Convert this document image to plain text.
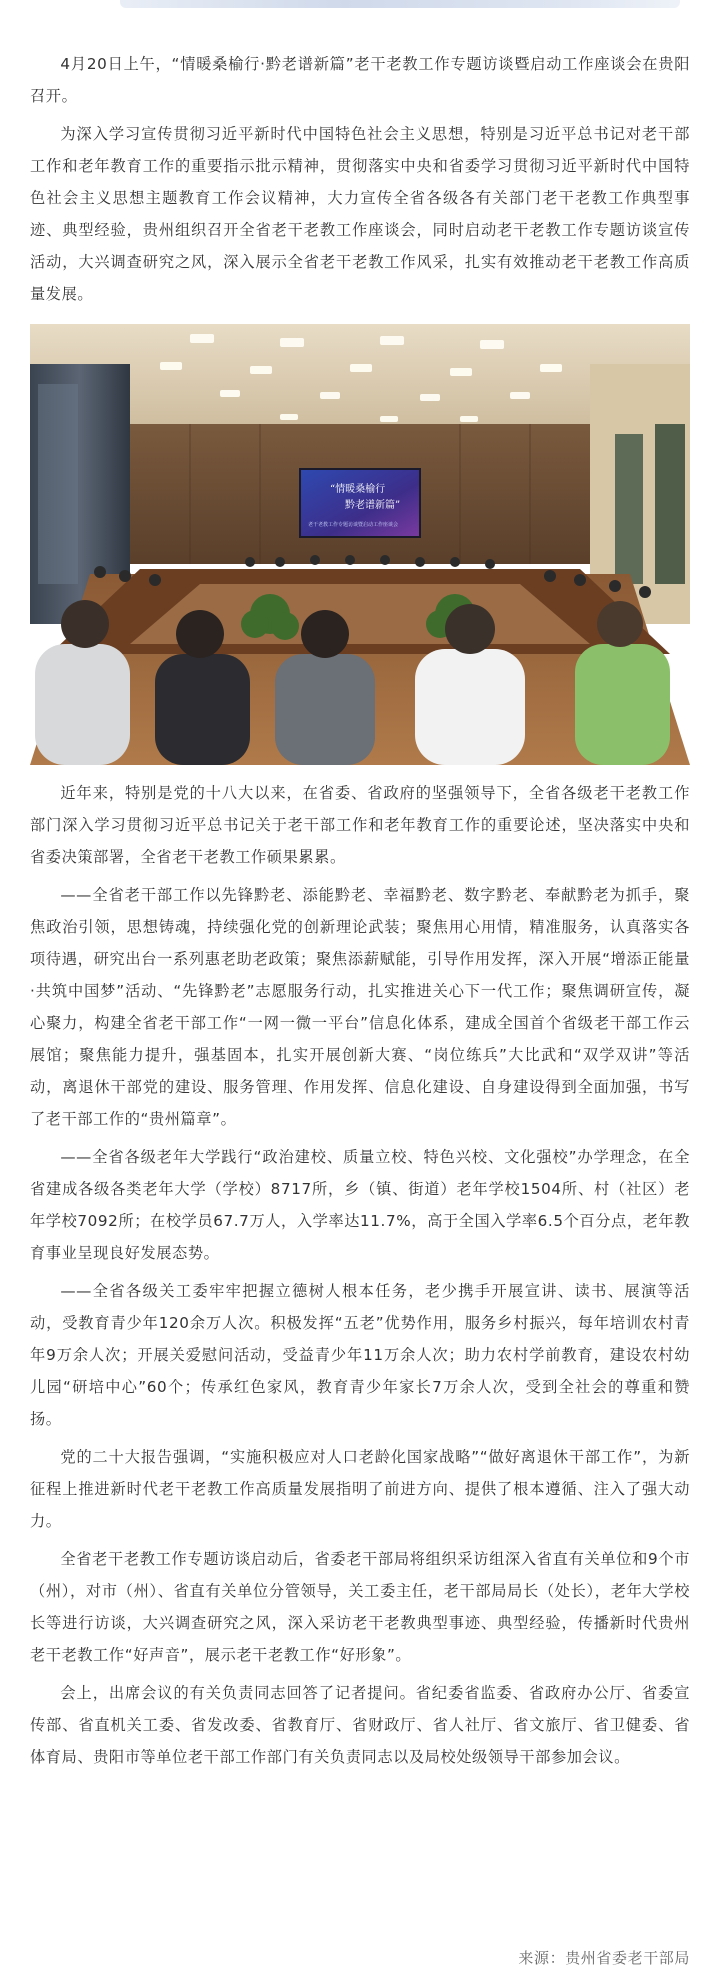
4月20日上午，“情暖桑榆行·黔老谱新篇”老干老教工作专题访谈暨启动工作座谈会在贵阳召开。

为深入学习宣传贯彻习近平新时代中国特色社会主义思想，特别是习近平总书记对老干部工作和老年教育工作的重要指示批示精神，贯彻落实中央和省委学习贯彻习近平新时代中国特色社会主义思想主题教育工作会议精神，大力宣传全省各级各有关部门老干老教工作典型事迹、典型经验，贵州组织召开全省老干老教工作座谈会，同时启动老干老教工作专题访谈宣传活动，大兴调查研究之风，深入展示全省老干老教工作风采，扎实有效推动老干老教工作高质量发展。

“情暖桑榆行
黔老谱新篇”
老干老教工作专题访谈暨启动工作座谈会

近年来，特别是党的十八大以来，在省委、省政府的坚强领导下，全省各级老干老教工作部门深入学习贯彻习近平总书记关于老干部工作和老年教育工作的重要论述，坚决落实中央和省委决策部署，全省老干老教工作硕果累累。

——全省老干部工作以先锋黔老、添能黔老、幸福黔老、数字黔老、奉献黔老为抓手，聚焦政治引领，思想铸魂，持续强化党的创新理论武装；聚焦用心用情，精准服务，认真落实各项待遇，研究出台一系列惠老助老政策；聚焦添薪赋能，引导作用发挥，深入开展“增添正能量·共筑中国梦”活动、“先锋黔老”志愿服务行动，扎实推进关心下一代工作；聚焦调研宣传，凝心聚力，构建全省老干部工作“一网一微一平台”信息化体系，建成全国首个省级老干部工作云展馆；聚焦能力提升，强基固本，扎实开展创新大赛、“岗位练兵”大比武和“双学双讲”等活动，离退休干部党的建设、服务管理、作用发挥、信息化建设、自身建设得到全面加强，书写了老干部工作的“贵州篇章”。

——全省各级老年大学践行“政治建校、质量立校、特色兴校、文化强校”办学理念，在全省建成各级各类老年大学（学校）8717所，乡（镇、街道）老年学校1504所、村（社区）老年学校7092所；在校学员67.7万人，入学率达11.7%，高于全国入学率6.5个百分点，老年教育事业呈现良好发展态势。

——全省各级关工委牢牢把握立德树人根本任务，老少携手开展宣讲、读书、展演等活动，受教育青少年120余万人次。积极发挥“五老”优势作用，服务乡村振兴，每年培训农村青年9万余人次；开展关爱慰问活动，受益青少年11万余人次；助力农村学前教育，建设农村幼儿园“研培中心”60个；传承红色家风，教育青少年家长7万余人次，受到全社会的尊重和赞扬。

党的二十大报告强调，“实施积极应对人口老龄化国家战略”“做好离退休干部工作”，为新征程上推进新时代老干老教工作高质量发展指明了前进方向、提供了根本遵循、注入了强大动力。

全省老干老教工作专题访谈启动后，省委老干部局将组织采访组深入省直有关单位和9个市（州），对市（州）、省直有关单位分管领导，关工委主任，老干部局局长（处长），老年大学校长等进行访谈，大兴调查研究之风，深入采访老干老教典型事迹、典型经验，传播新时代贵州老干老教工作“好声音”，展示老干老教工作“好形象”。

会上，出席会议的有关负责同志回答了记者提问。省纪委省监委、省政府办公厅、省委宣传部、省直机关工委、省发改委、省教育厅、省财政厅、省人社厅、省文旅厅、省卫健委、省体育局、贵阳市等单位老干部工作部门有关负责同志以及局校处级领导干部参加会议。

来源：贵州省委老干部局
